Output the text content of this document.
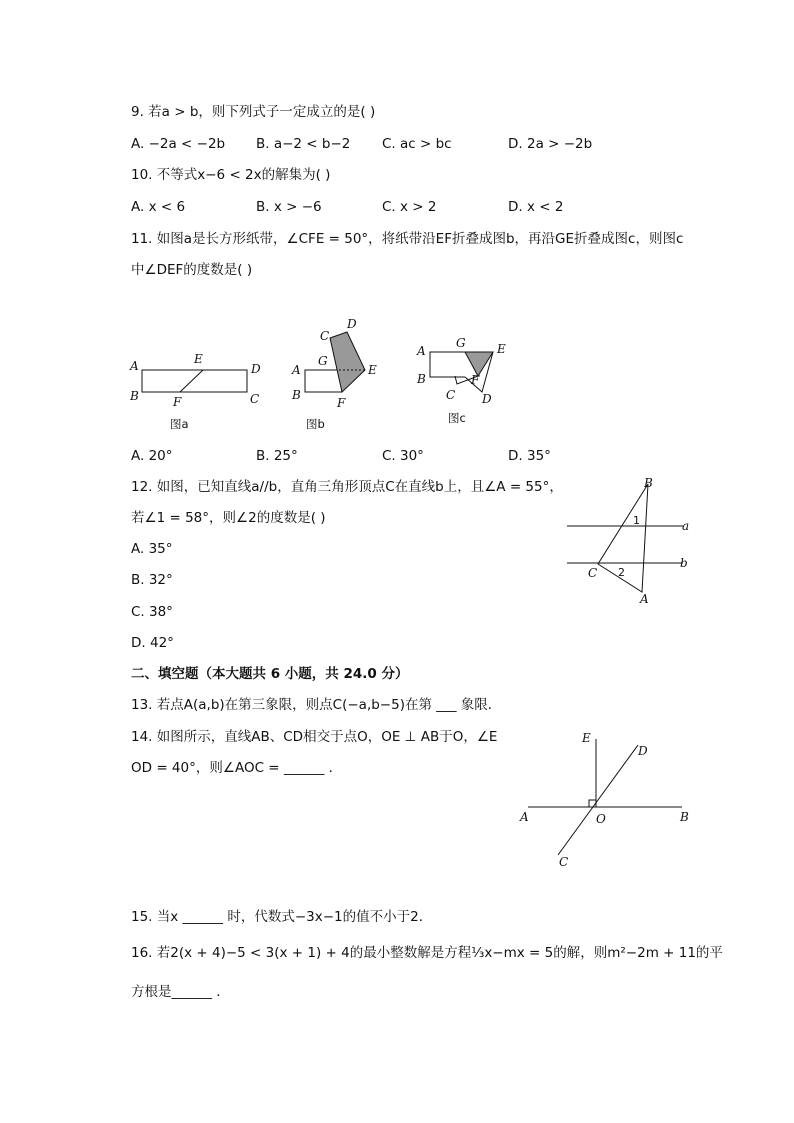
9. 若a > b，则下列式子一定成立的是( )
A. −2a < −2b B. a−2 < b−2 C. ac > bc	D. 2a > −2b
10. 不等式x−6 < 2x的解集为( )
A. x < 6	B. x > −6	C. x > 2	D. x < 2
11. 如图a是长方形纸带，∠CFE = 50°，将纸带沿EF折叠成图b，再沿GE折叠成图c，则图c
中∠DEF的度数是( )
A	E
D
B	F	C
图a
C
D
G
A	E
B
F
图b
A
G	E
B	F
C D
图c
A. 20°	B. 25°	C. 30°	D. 35°
12. 如图，已知直线a//b，直角三角形顶点C在直线b上，且∠A = 55°，
若∠1 = 58°，则∠2的度数是( )
A. 35°
B. 32°
C. 38°
D. 42°
B
1	a
b
C 2
A
二、填空题（本大题共 6 小题，共 24.0 分）
13. 若点A(a,b)在第三象限，则点C(−a,b−5)在第 ___ 象限．
14. 如图所示，直线AB、CD相交于点O，OE ⊥ AB于O，∠E
OD = 40°，则∠AOC = ______ ．
E
D
A	O	B
C
15. 当x ______ 时，代数式−3x−1的值不小于2．
16. 若2(x + 4)−5 < 3(x + 1) + 4的最小整数解是方程⅓x−mx = 5的解，则m²−2m + 11的平
方根是______ ．
